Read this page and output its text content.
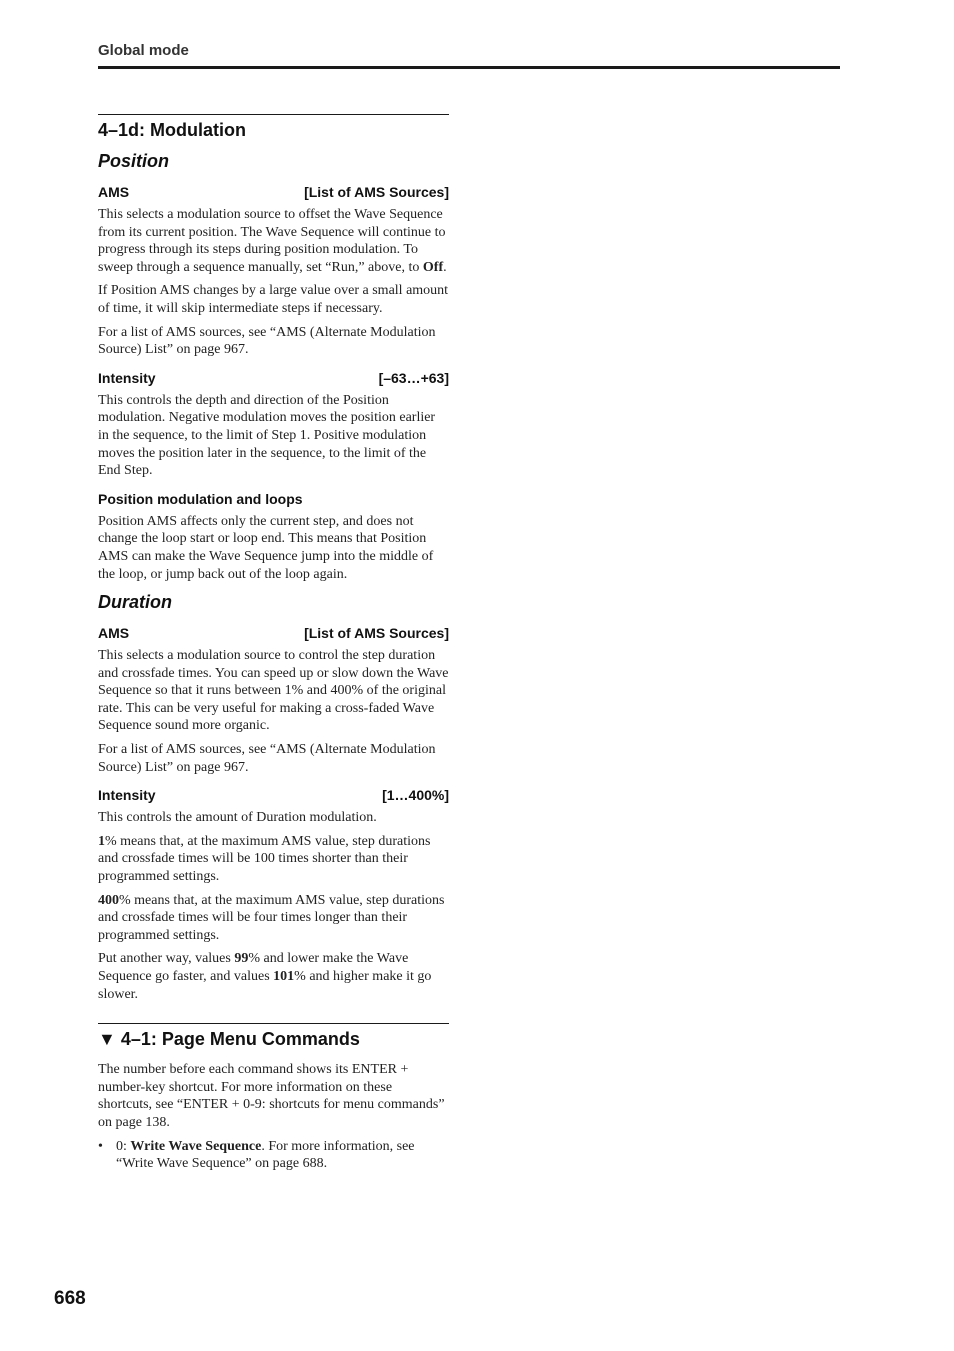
Global mode
4–1d: Modulation
Position
AMS	[List of AMS Sources]

This selects a modulation source to offset the Wave Sequence from its current position. The Wave Sequence will continue to progress through its steps during position modulation. To sweep through a sequence manually, set “Run,” above, to Off.

If Position AMS changes by a large value over a small amount of time, it will skip intermediate steps if necessary.

For a list of AMS sources, see “AMS (Alternate Modulation Source) List” on page 967.

Intensity	[–63…+63]

This controls the depth and direction of the Position modulation. Negative modulation moves the position earlier in the sequence, to the limit of Step 1. Positive modulation moves the position later in the sequence, to the limit of the End Step.

Position modulation and loops

Position AMS affects only the current step, and does not change the loop start or loop end. This means that Position AMS can make the Wave Sequence jump into the middle of the loop, or jump back out of the loop again.

Duration
AMS	[List of AMS Sources]

This selects a modulation source to control the step duration and crossfade times. You can speed up or slow down the Wave Sequence so that it runs between 1% and 400% of the original rate. This can be very useful for making a cross-faded Wave Sequence sound more organic.

For a list of AMS sources, see “AMS (Alternate Modulation Source) List” on page 967.

Intensity	[1…400%]

This controls the amount of Duration modulation.

1% means that, at the maximum AMS value, step durations and crossfade times will be 100 times shorter than their programmed settings.

400% means that, at the maximum AMS value, step durations and crossfade times will be four times longer than their programmed settings.

Put another way, values 99% and lower make the Wave Sequence go faster, and values 101% and higher make it go slower.

▼ 4–1: Page Menu Commands

The number before each command shows its ENTER + number-key shortcut. For more information on these shortcuts, see “ENTER + 0-9: shortcuts for menu commands” on page 138.

• 0: Write Wave Sequence. For more information, see “Write Wave Sequence” on page 688.
668
